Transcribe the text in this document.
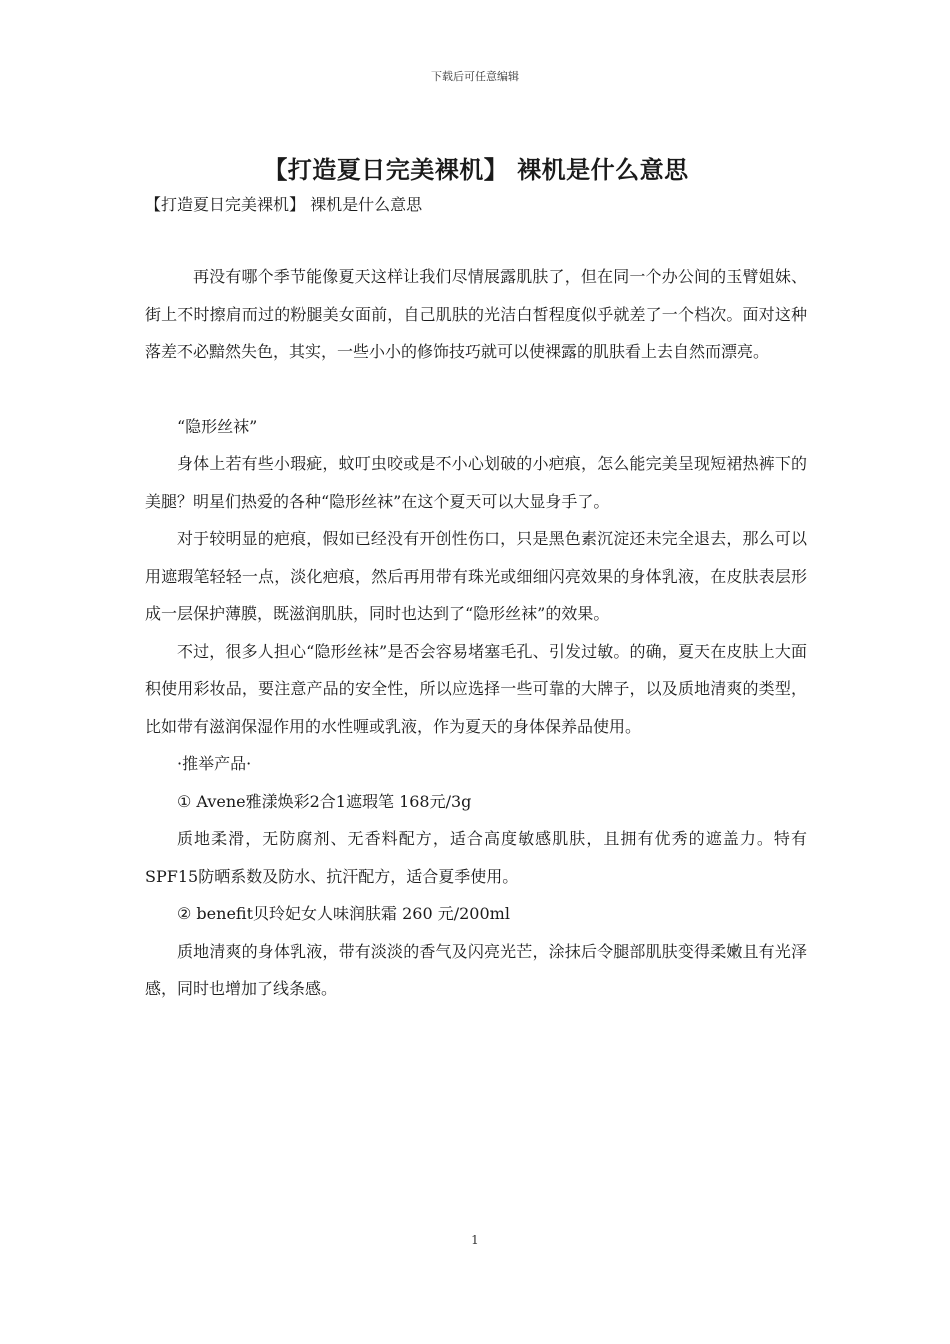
下载后可任意编辑
【打造夏日完美裸机】 裸机是什么意思

【打造夏日完美裸机】 裸机是什么意思

再没有哪个季节能像夏天这样让我们尽情展露肌肤了，但在同一个办公间的玉臂姐妹、街上不时擦肩而过的粉腿美女面前，自己肌肤的光洁白皙程度似乎就差了一个档次。面对这种落差不必黯然失色，其实，一些小小的修饰技巧就可以使裸露的肌肤看上去自然而漂亮。

“隐形丝袜”

身体上若有些小瑕疵，蚊叮虫咬或是不小心划破的小疤痕，怎么能完美呈现短裙热裤下的美腿？明星们热爱的各种“隐形丝袜”在这个夏天可以大显身手了。

对于较明显的疤痕，假如已经没有开创性伤口，只是黑色素沉淀还未完全退去，那么可以用遮瑕笔轻轻一点，淡化疤痕，然后再用带有珠光或细细闪亮效果的身体乳液，在皮肤表层形成一层保护薄膜，既滋润肌肤，同时也达到了“隐形丝袜”的效果。

不过，很多人担心“隐形丝袜”是否会容易堵塞毛孔、引发过敏。的确，夏天在皮肤上大面积使用彩妆品，要注意产品的安全性，所以应选择一些可靠的大牌子，以及质地清爽的类型，比如带有滋润保湿作用的水性喱或乳液，作为夏天的身体保养品使用。

·推举产品·

① Avene雅漾焕彩2合1遮瑕笔 168元/3g

质地柔滑，无防腐剂、无香料配方，适合高度敏感肌肤，且拥有优秀的遮盖力。特有SPF15防晒系数及防水、抗汗配方，适合夏季使用。

② benefit贝玲妃女人味润肤霜 260 元/200ml

质地清爽的身体乳液，带有淡淡的香气及闪亮光芒，涂抹后令腿部肌肤变得柔嫩且有光泽感，同时也增加了线条感。

1
